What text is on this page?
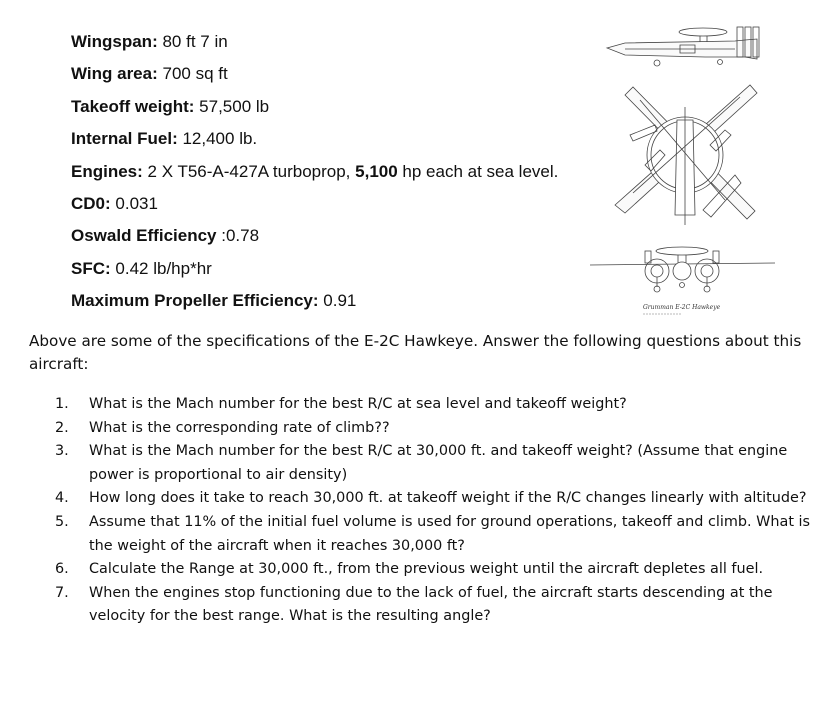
Wingspan: 80 ft 7 in
Wing area: 700 sq ft
Takeoff weight: 57,500 lb
Internal Fuel: 12,400 lb.
Engines: 2 X T56-A-427A turboprop, 5,100 hp each at sea level.
CD0: 0.031
Oswald Efficiency :0.78
SFC: 0.42 lb/hp*hr
Maximum Propeller Efficiency: 0.91	Grumman E-2C Hawkeye
Above are some of the specifications of the E-2C Hawkeye. Answer the following questions about this aircraft:
1.	What is the Mach number for the best R/C at sea level and takeoff weight?
2.	What is the corresponding rate of climb??
3.	What is the Mach number for the best R/C at 30,000 ft. and takeoff weight? (Assume that engine power is proportional to air density)
4.	How long does it take to reach 30,000 ft. at takeoff weight if the R/C changes linearly with altitude?
5.	Assume that 11% of the initial fuel volume is used for ground operations, takeoff and climb. What is the weight of the aircraft when it reaches 30,000 ft?
6.	Calculate the Range at 30,000 ft., from the previous weight until the aircraft depletes all fuel.
7.	When the engines stop functioning due to the lack of fuel, the aircraft starts descending at the velocity for the best range. What is the resulting angle?
